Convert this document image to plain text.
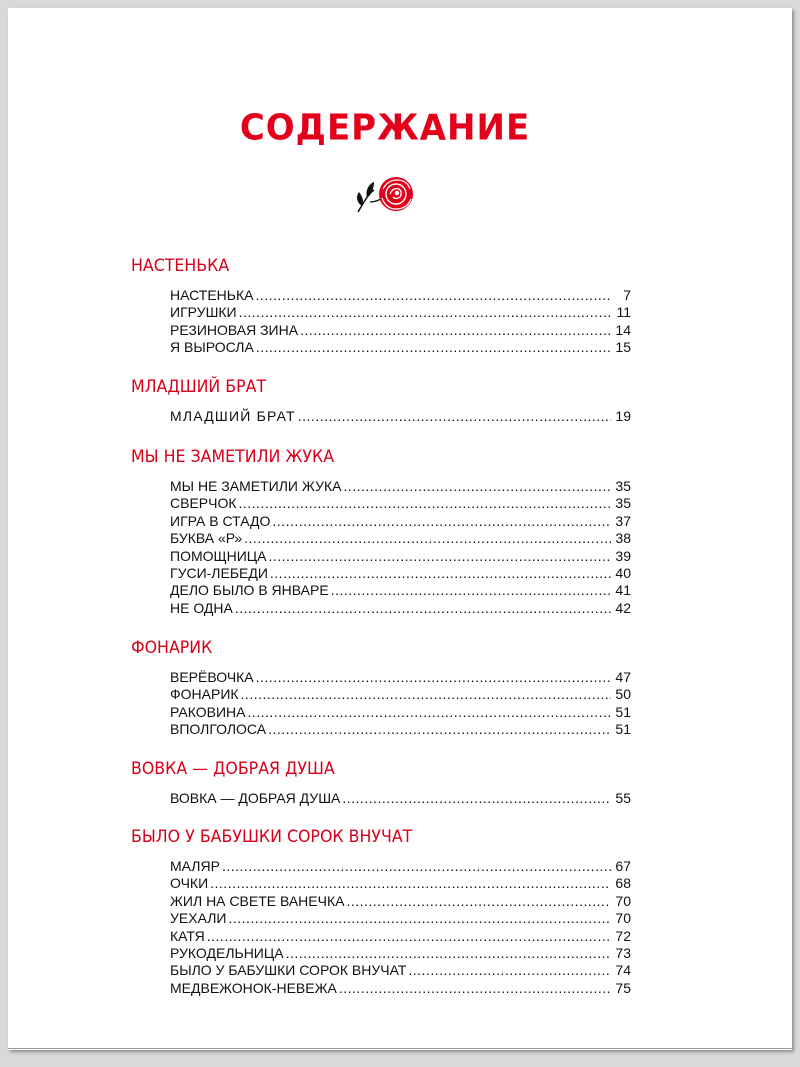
СОДЕРЖАНИЕ
НАСТЕНЬКА
НАСТЕНЬКА .....	7
ИГРУШКИ .....	11
РЕЗИНОВАЯ ЗИНА .....	14
Я ВЫРОСЛА .....	15
МЛАДШИЙ БРАТ
МЛАДШИЙ БРАТ .....	19
МЫ НЕ ЗАМЕТИЛИ ЖУКА
МЫ НЕ ЗАМЕТИЛИ ЖУКА .....	35
СВЕРЧОК .....	35
ИГРА В СТАДО .....	37
БУКВА «Р» .....	38
ПОМОЩНИЦА .....	39
ГУСИ-ЛЕБЕДИ .....	40
ДЕЛО БЫЛО В ЯНВАРЕ .....	41
НЕ ОДНА .....	42
ФОНАРИК
ВЕРЁВОЧКА .....	47
ФОНАРИК .....	50
РАКОВИНА .....	51
ВПОЛГОЛОСА .....	51
ВОВКА — ДОБРАЯ ДУША
ВОВКА — ДОБРАЯ ДУША .....	55
БЫЛО У БАБУШКИ СОРОК ВНУЧАТ
МАЛЯР .....	67
ОЧКИ .....	68
ЖИЛ НА СВЕТЕ ВАНЕЧКА .....	70
УЕХАЛИ .....	70
КАТЯ .....	72
РУКОДЕЛЬНИЦА .....	73
БЫЛО У БАБУШКИ СОРОК ВНУЧАТ .....	74
МЕДВЕЖОНОК-НЕВЕЖА .....	75
